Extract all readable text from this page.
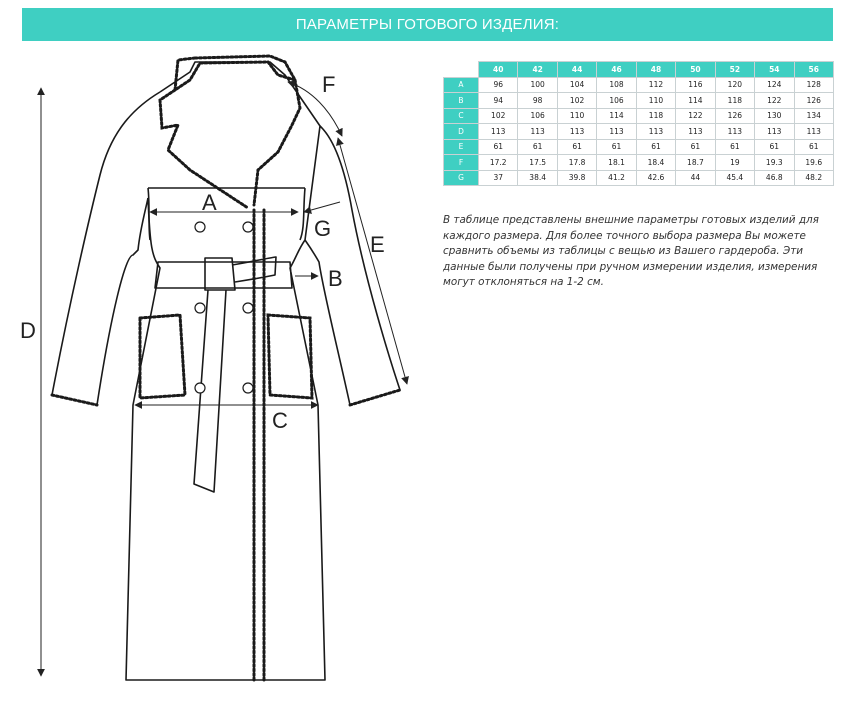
ПАРАМЕТРЫ ГОТОВОГО ИЗДЕЛИЯ:
A
B
C
D
E
F
G
	40	42	44	46	48	50	52	54	56
A	96	100	104	108	112	116	120	124	128
B	94	98	102	106	110	114	118	122	126
C	102	106	110	114	118	122	126	130	134
D	113	113	113	113	113	113	113	113	113
E	61	61	61	61	61	61	61	61	61
F	17.2	17.5	17.8	18.1	18.4	18.7	19	19.3	19.6
G	37	38.4	39.8	41.2	42.6	44	45.4	46.8	48.2

В таблице представлены внешние параметры готовых изделий для каждого размера. Для более точного выбора размера Вы можете сравнить объемы из таблицы с вещью из Вашего гардероба. Эти данные были получены при ручном измерении изделия, измерения могут отклоняться на 1-2 см.
